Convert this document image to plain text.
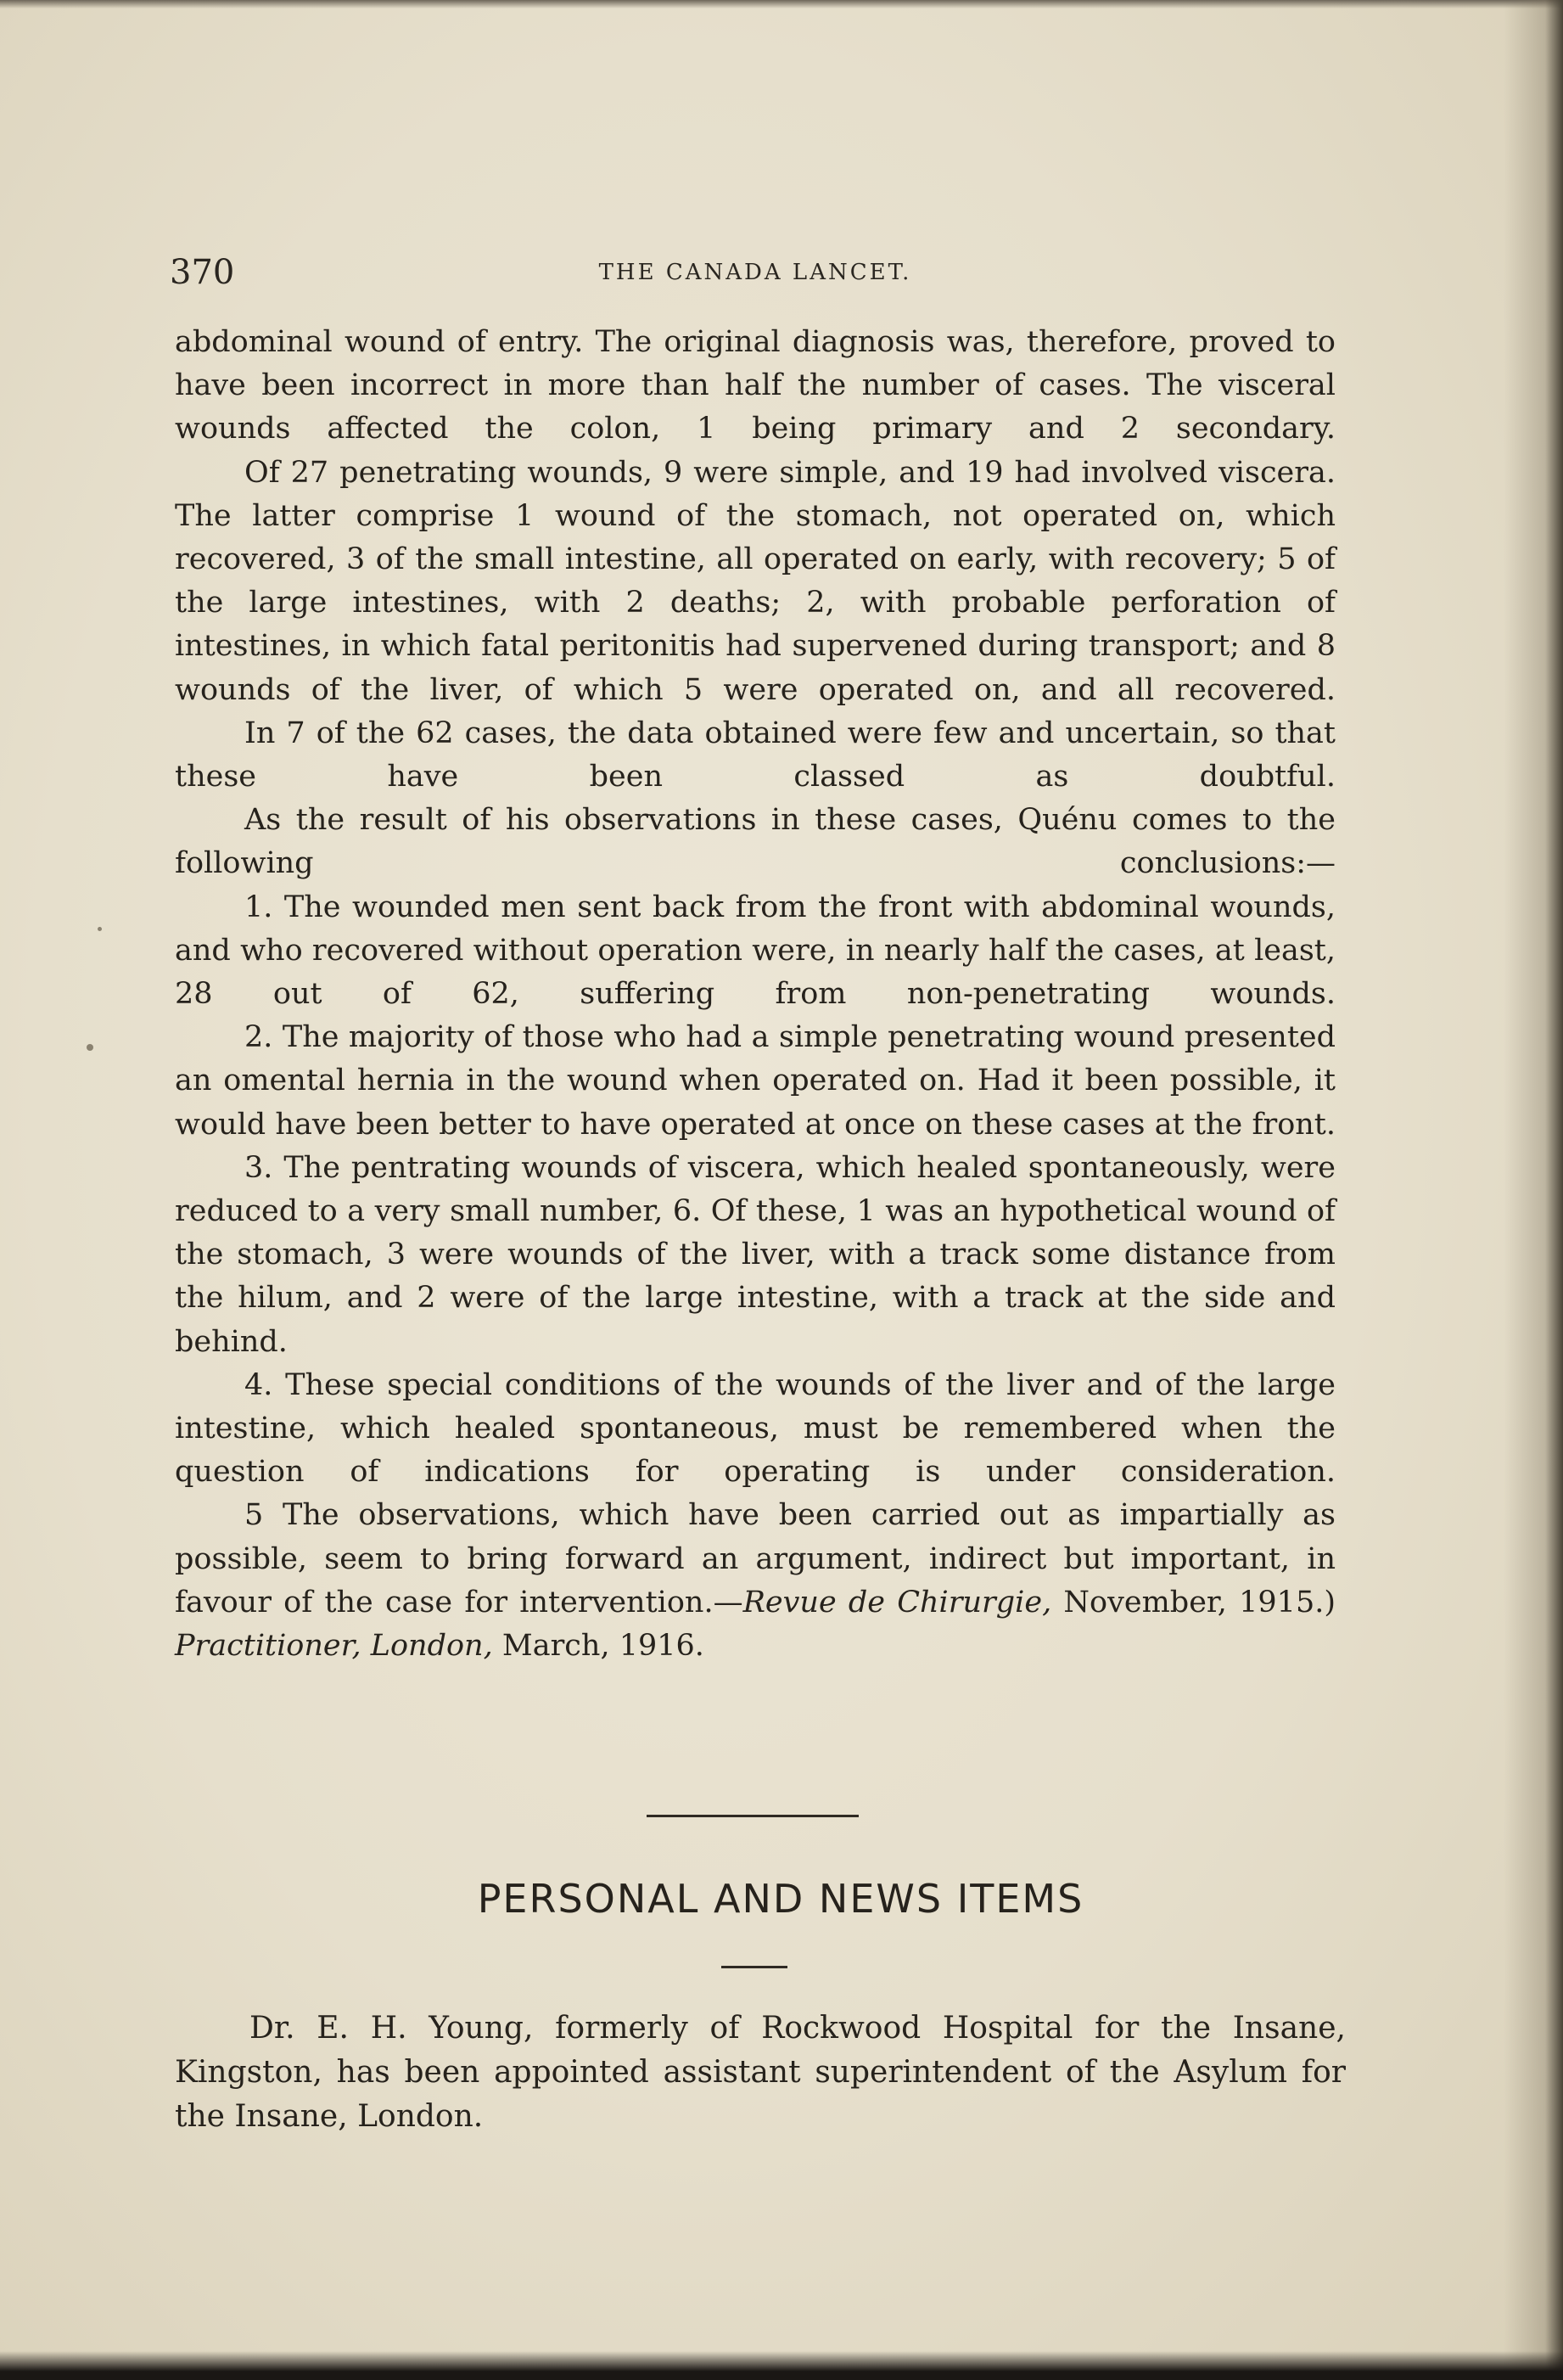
370	THE CANADA LANCET.

abdominal wound of entry. The original diagnosis was, therefore, proved to have been incorrect in more than half the number of cases. The visceral wounds affected the colon, 1 being primary and 2 secondary.

Of 27 penetrating wounds, 9 were simple, and 19 had involved viscera. The latter comprise 1 wound of the stomach, not operated on, which recovered, 3 of the small intestine, all operated on early, with recovery; 5 of the large intestines, with 2 deaths; 2, with probable perforation of intestines, in which fatal peritonitis had supervened during transport; and 8 wounds of the liver, of which 5 were operated on, and all recovered.

In 7 of the 62 cases, the data obtained were few and uncertain, so that these have been classed as doubtful.

As the result of his observations in these cases, Quénu comes to the following conclusions:—

1. The wounded men sent back from the front with abdominal wounds, and who recovered without operation were, in nearly half the cases, at least, 28 out of 62, suffering from non-penetrating wounds.

2. The majority of those who had a simple penetrating wound presented an omental hernia in the wound when operated on. Had it been possible, it would have been better to have operated at once on these cases at the front.

3. The pentrating wounds of viscera, which healed spontaneously, were reduced to a very small number, 6. Of these, 1 was an hypothetical wound of the stomach, 3 were wounds of the liver, with a track some distance from the hilum, and 2 were of the large intestine, with a track at the side and behind.

4. These special conditions of the wounds of the liver and of the large intestine, which healed spontaneous, must be remembered when the question of indications for operating is under consideration.

5 The observations, which have been carried out as impartially as possible, seem to bring forward an argument, indirect but important, in favour of the case for intervention.—Revue de Chirurgie, November, 1915.) Practitioner, London, March, 1916.

PERSONAL AND NEWS ITEMS

Dr. E. H. Young, formerly of Rockwood Hospital for the Insane, Kingston, has been appointed assistant superintendent of the Asylum for the Insane, London.
